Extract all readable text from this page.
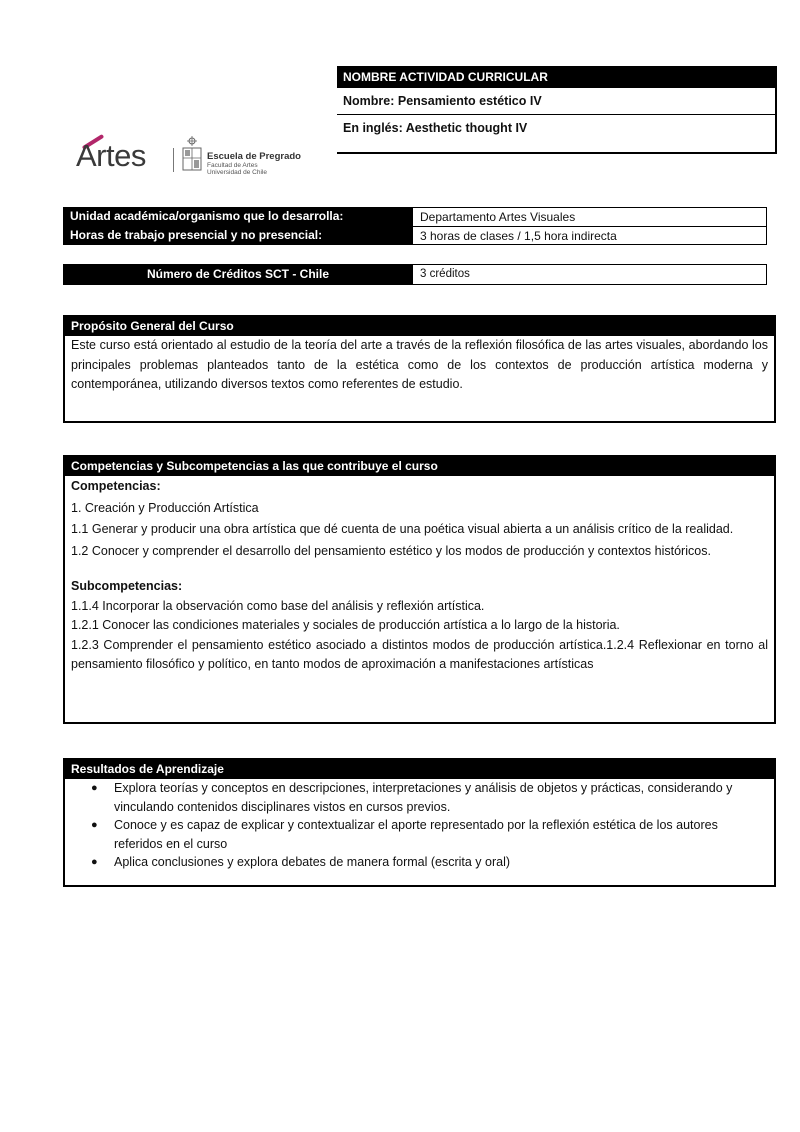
NOMBRE ACTIVIDAD CURRICULAR
Nombre: Pensamiento estético IV
En inglés: Aesthetic thought IV
Artes	Escuela de Pregrado
Facultad de Artes
Universidad de Chile
Unidad académica/organismo que lo desarrolla:	Departamento Artes Visuales
Horas de trabajo presencial y no presencial:	3 horas de clases / 1,5 hora indirecta
Número de Créditos SCT - Chile	3 créditos
Propósito General del Curso
Este curso está orientado al estudio de la teoría del arte a través de la reflexión filosófica de las artes visuales, abordando los principales problemas planteados tanto de la estética como de los contextos de producción artística moderna y contemporánea, utilizando diversos textos como referentes de estudio.
Competencias y Subcompetencias a las que contribuye el curso
Competencias:
1. Creación y Producción Artística
1.1 Generar y producir una obra artística que dé cuenta de una poética visual abierta a un análisis crítico de la realidad.
1.2 Conocer y comprender el desarrollo del pensamiento estético y los modos de producción y contextos históricos.
Subcompetencias:
1.1.4 Incorporar la observación como base del análisis y reflexión artística.
1.2.1 Conocer las condiciones materiales y sociales de producción artística a lo largo de la historia.
1.2.3 Comprender el pensamiento estético asociado a distintos modos de producción artística.1.2.4 Reflexionar en torno al pensamiento filosófico y político, en tanto modos de aproximación a manifestaciones artísticas
Resultados de Aprendizaje
● Explora teorías y conceptos en descripciones, interpretaciones y análisis de objetos y prácticas, considerando y vinculando contenidos disciplinares vistos en cursos previos.
● Conoce y es capaz de explicar y contextualizar el aporte representado por la reflexión estética de los autores referidos en el curso
● Aplica conclusiones y explora debates de manera formal (escrita y oral)
